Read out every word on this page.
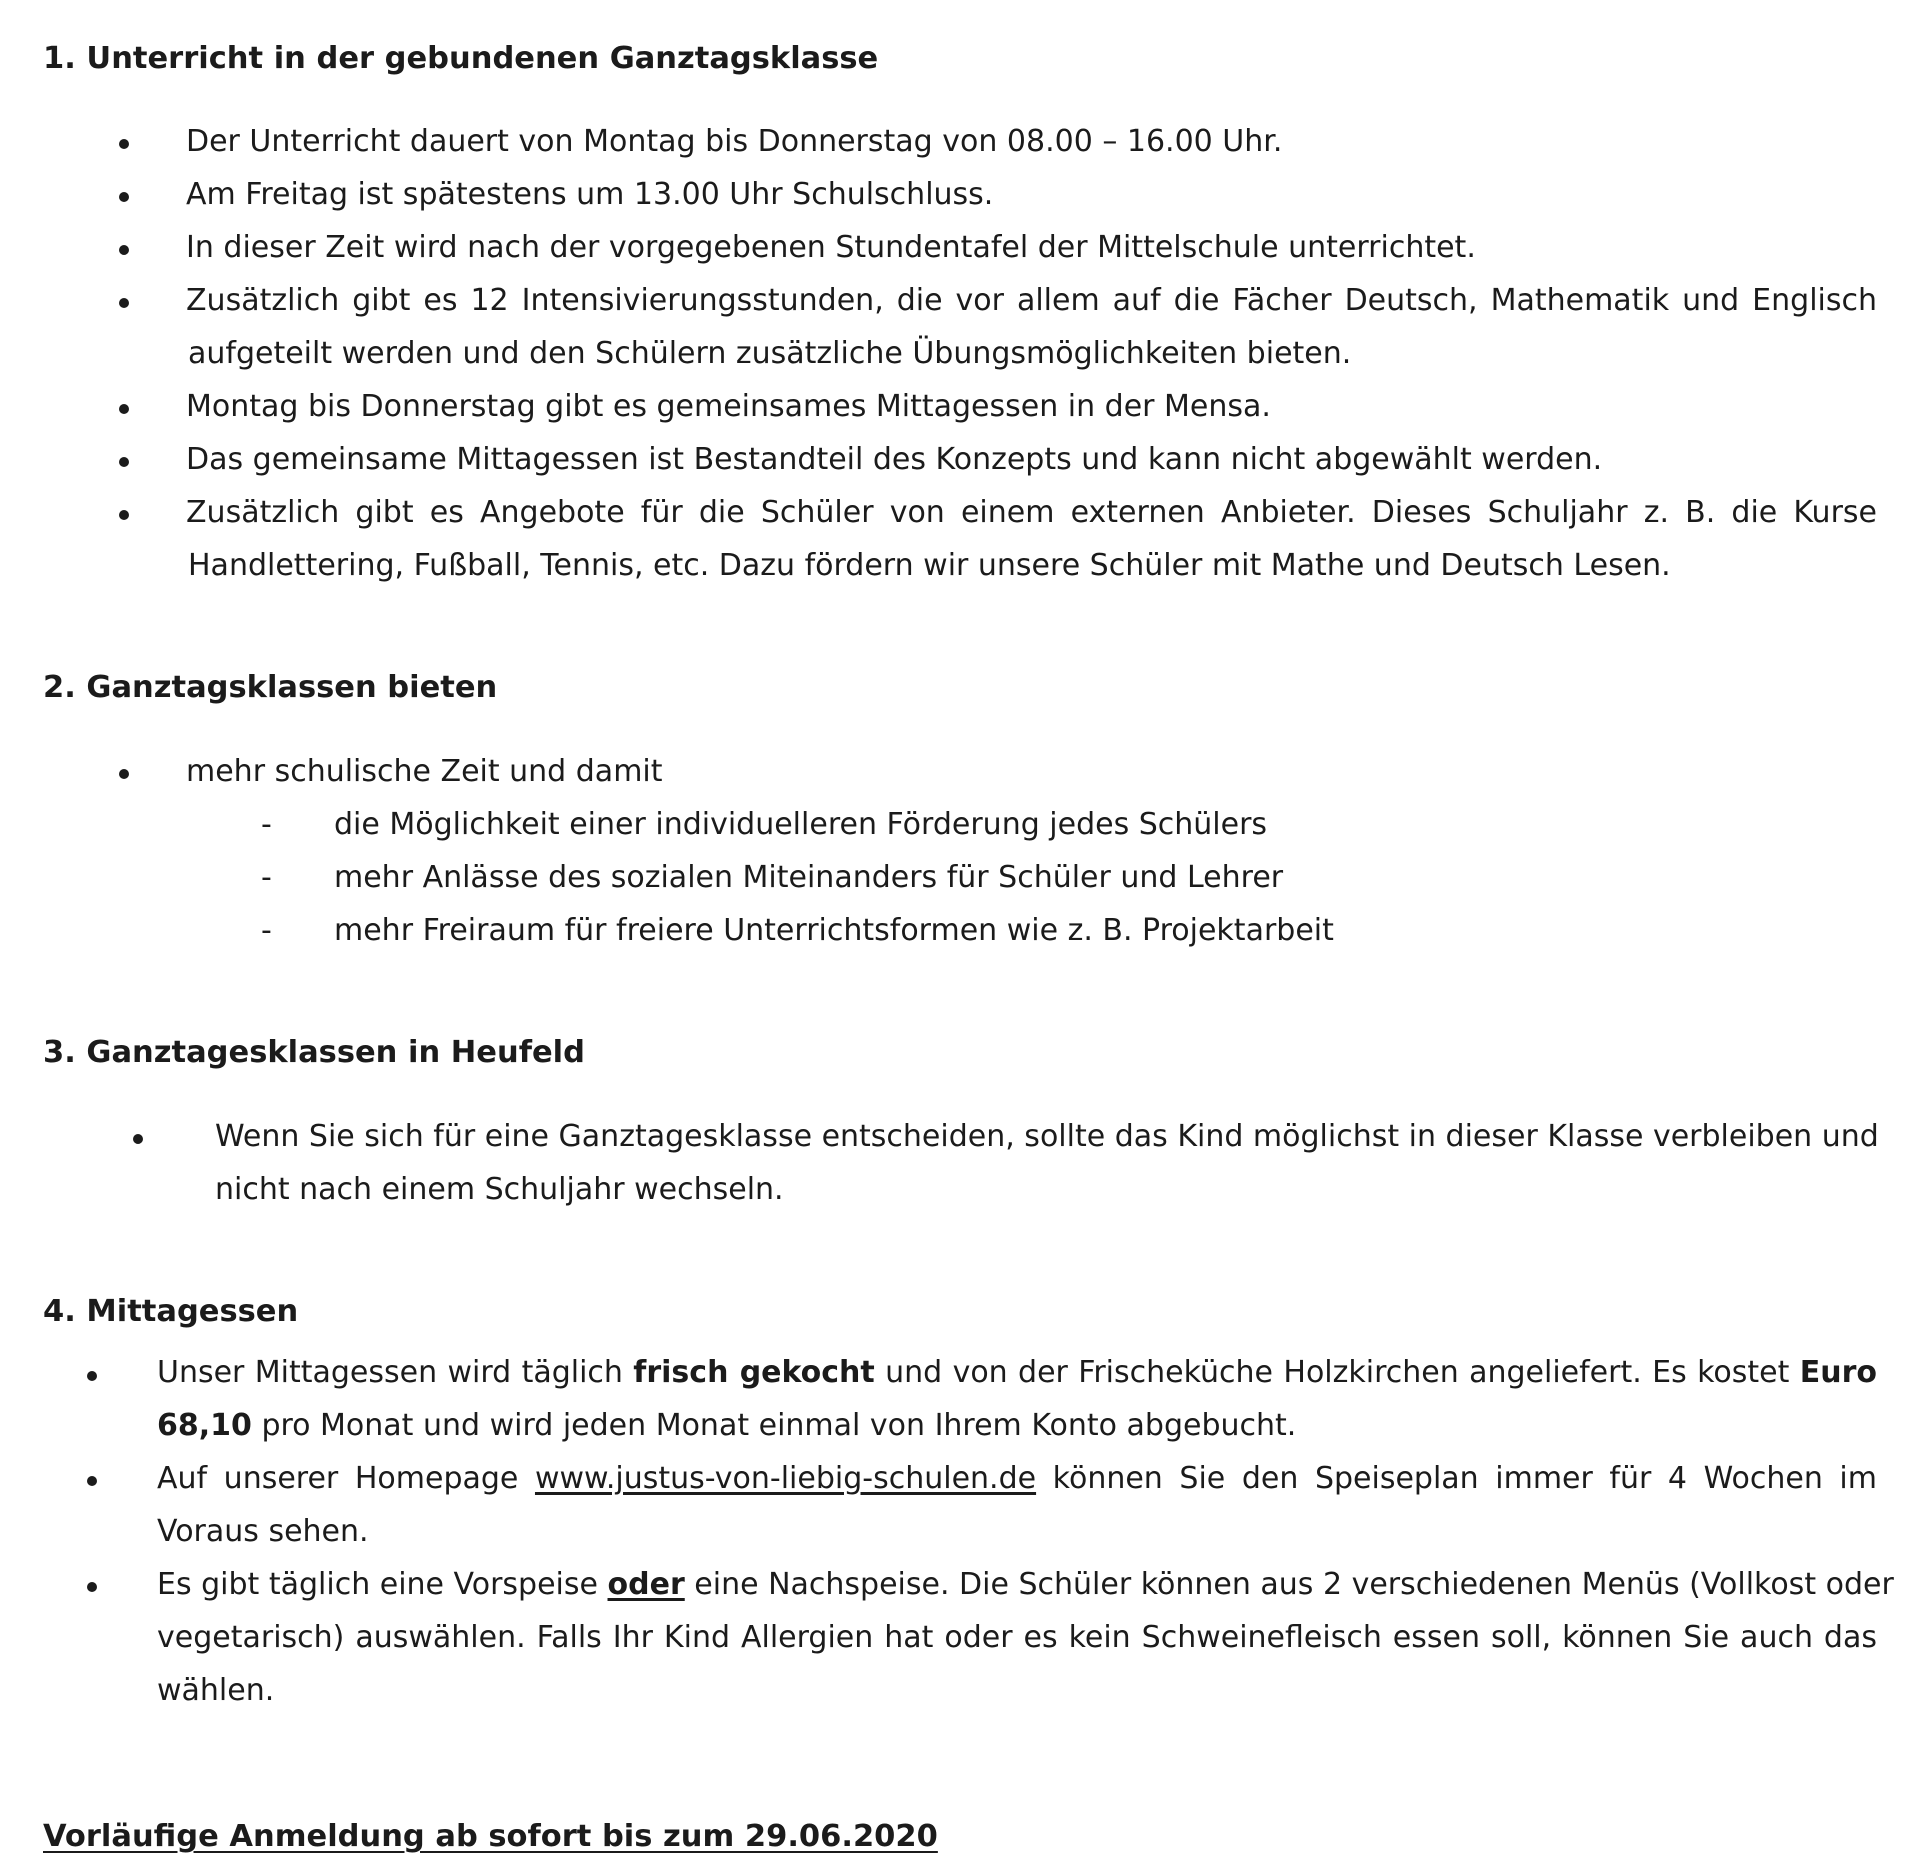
1. Unterricht in der gebundenen Ganztagsklasse
Der Unterricht dauert von Montag bis Donnerstag von 08.00 – 16.00 Uhr.
Am Freitag ist spätestens um 13.00 Uhr Schulschluss.
In dieser Zeit wird nach der vorgegebenen Stundentafel der Mittelschule unterrichtet.
Zusätzlich gibt es 12 Intensivierungsstunden, die vor allem auf die Fächer Deutsch, Mathematik und Englisch
aufgeteilt werden und den Schülern zusätzliche Übungsmöglichkeiten bieten.
Montag bis Donnerstag gibt es gemeinsames Mittagessen in der Mensa.
Das gemeinsame Mittagessen ist Bestandteil des Konzepts und kann nicht abgewählt werden.
Zusätzlich gibt es Angebote für die Schüler von einem externen Anbieter. Dieses Schuljahr z. B. die Kurse
Handlettering, Fußball, Tennis, etc. Dazu fördern wir unsere Schüler mit Mathe und Deutsch Lesen.
2. Ganztagsklassen bieten
mehr schulische Zeit und damit
- die Möglichkeit einer individuelleren Förderung jedes Schülers
- mehr Anlässe des sozialen Miteinanders für Schüler und Lehrer
- mehr Freiraum für freiere Unterrichtsformen wie z. B. Projektarbeit
3. Ganztagesklassen in Heufeld
Wenn Sie sich für eine Ganztagesklasse entscheiden, sollte das Kind möglichst in dieser Klasse verbleiben und
nicht nach einem Schuljahr wechseln.
4. Mittagessen
Unser Mittagessen wird täglich frisch gekocht und von der Frischeküche Holzkirchen angeliefert. Es kostet Euro
68,10 pro Monat und wird jeden Monat einmal von Ihrem Konto abgebucht.
Auf unserer Homepage www.justus-von-liebig-schulen.de können Sie den Speiseplan immer für 4 Wochen im
Voraus sehen.
Es gibt täglich eine Vorspeise oder eine Nachspeise. Die Schüler können aus 2 verschiedenen Menüs (Vollkost oder
vegetarisch) auswählen. Falls Ihr Kind Allergien hat oder es kein Schweinefleisch essen soll, können Sie auch das
wählen.
Vorläufige Anmeldung ab sofort bis zum 29.06.2020
